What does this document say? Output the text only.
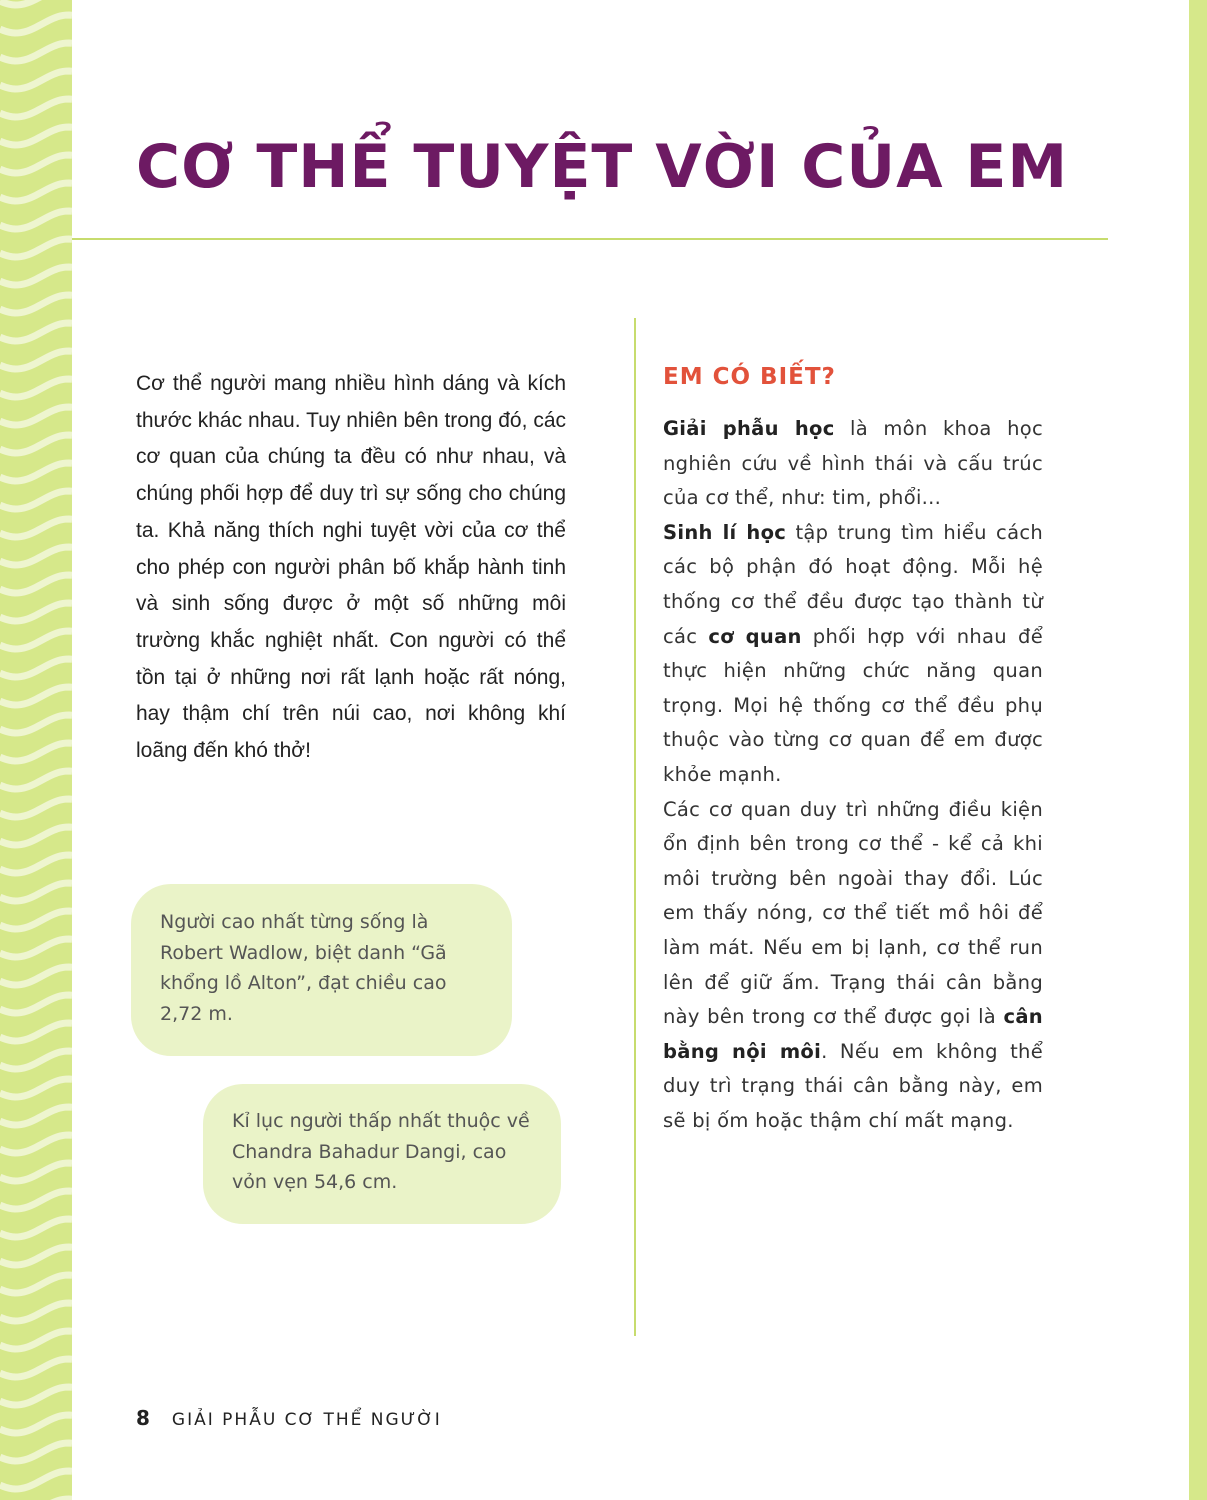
CƠ THỂ TUYỆT VỜI CỦA EM

Cơ thể người mang nhiều hình dáng và kích thước khác nhau. Tuy nhiên bên trong đó, các cơ quan của chúng ta đều có như nhau, và chúng phối hợp để duy trì sự sống cho chúng ta. Khả năng thích nghi tuyệt vời của cơ thể cho phép con người phân bố khắp hành tinh và sinh sống được ở một số những môi trường khắc nghiệt nhất. Con người có thể tồn tại ở những nơi rất lạnh hoặc rất nóng, hay thậm chí trên núi cao, nơi không khí loãng đến khó thở!

Người cao nhất từng sống là Robert Wadlow, biệt danh “Gã khổng lồ Alton”, đạt chiều cao 2,72 m.

Kỉ lục người thấp nhất thuộc về Chandra Bahadur Dangi, cao vỏn vẹn 54,6 cm.

EM CÓ BIẾT?

Giải phẫu học là môn khoa học nghiên cứu về hình thái và cấu trúc của cơ thể, như: tim, phổi...

Sinh lí học tập trung tìm hiểu cách các bộ phận đó hoạt động. Mỗi hệ thống cơ thể đều được tạo thành từ các cơ quan phối hợp với nhau để thực hiện những chức năng quan trọng. Mọi hệ thống cơ thể đều phụ thuộc vào từng cơ quan để em được khỏe mạnh.

Các cơ quan duy trì những điều kiện ổn định bên trong cơ thể - kể cả khi môi trường bên ngoài thay đổi. Lúc em thấy nóng, cơ thể tiết mồ hôi để làm mát. Nếu em bị lạnh, cơ thể run lên để giữ ấm. Trạng thái cân bằng này bên trong cơ thể được gọi là cân bằng nội môi. Nếu em không thể duy trì trạng thái cân bằng này, em sẽ bị ốm hoặc thậm chí mất mạng.

8 GIẢI PHẪU CƠ THỂ NGƯỜI
